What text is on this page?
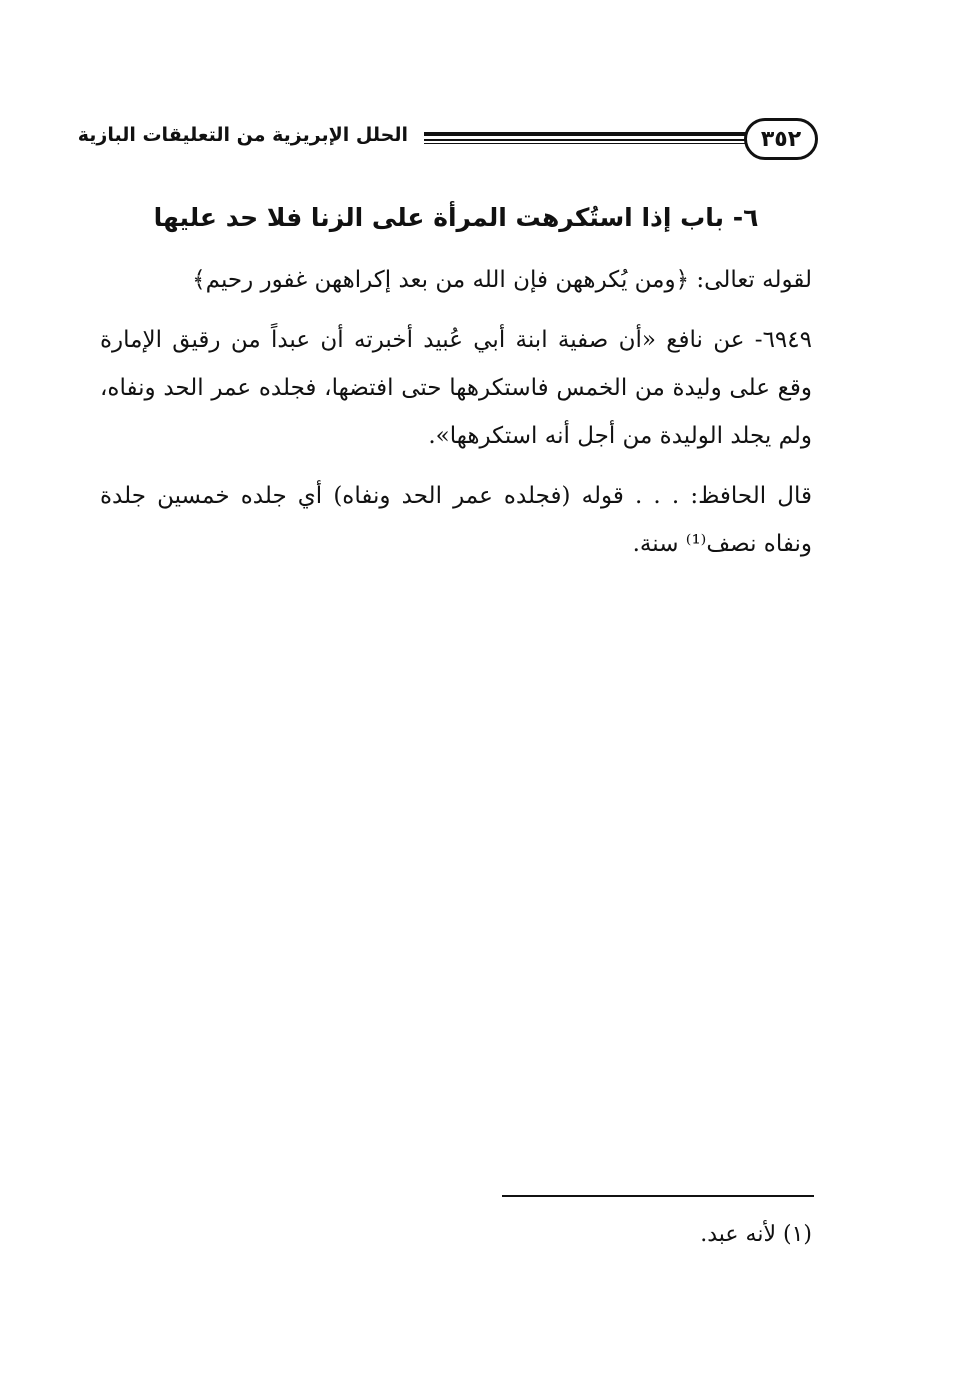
٣٥٢
الحلل الإبريزية من التعليقات البازية
٦- باب إذا استُكرهت المرأة على الزنا فلا حد عليها

لقوله تعالى: ﴿ومن يُكرههن فإن الله من بعد إكراههن غفور رحيم﴾

٦٩٤٩- عن نافع «أن صفية ابنة أبي عُبيد أخبرته أن عبداً من رقيق الإمارة وقع على وليدة من الخمس فاستكرهها حتى افتضها، فجلده عمر الحد ونفاه، ولم يجلد الوليدة من أجل أنه استكرهها».

قال الحافظ: . . . قوله (فجلده عمر الحد ونفاه) أي جلده خمسين جلدة ونفاه نصف⁽¹⁾ سنة.

(١) لأنه عبد.
